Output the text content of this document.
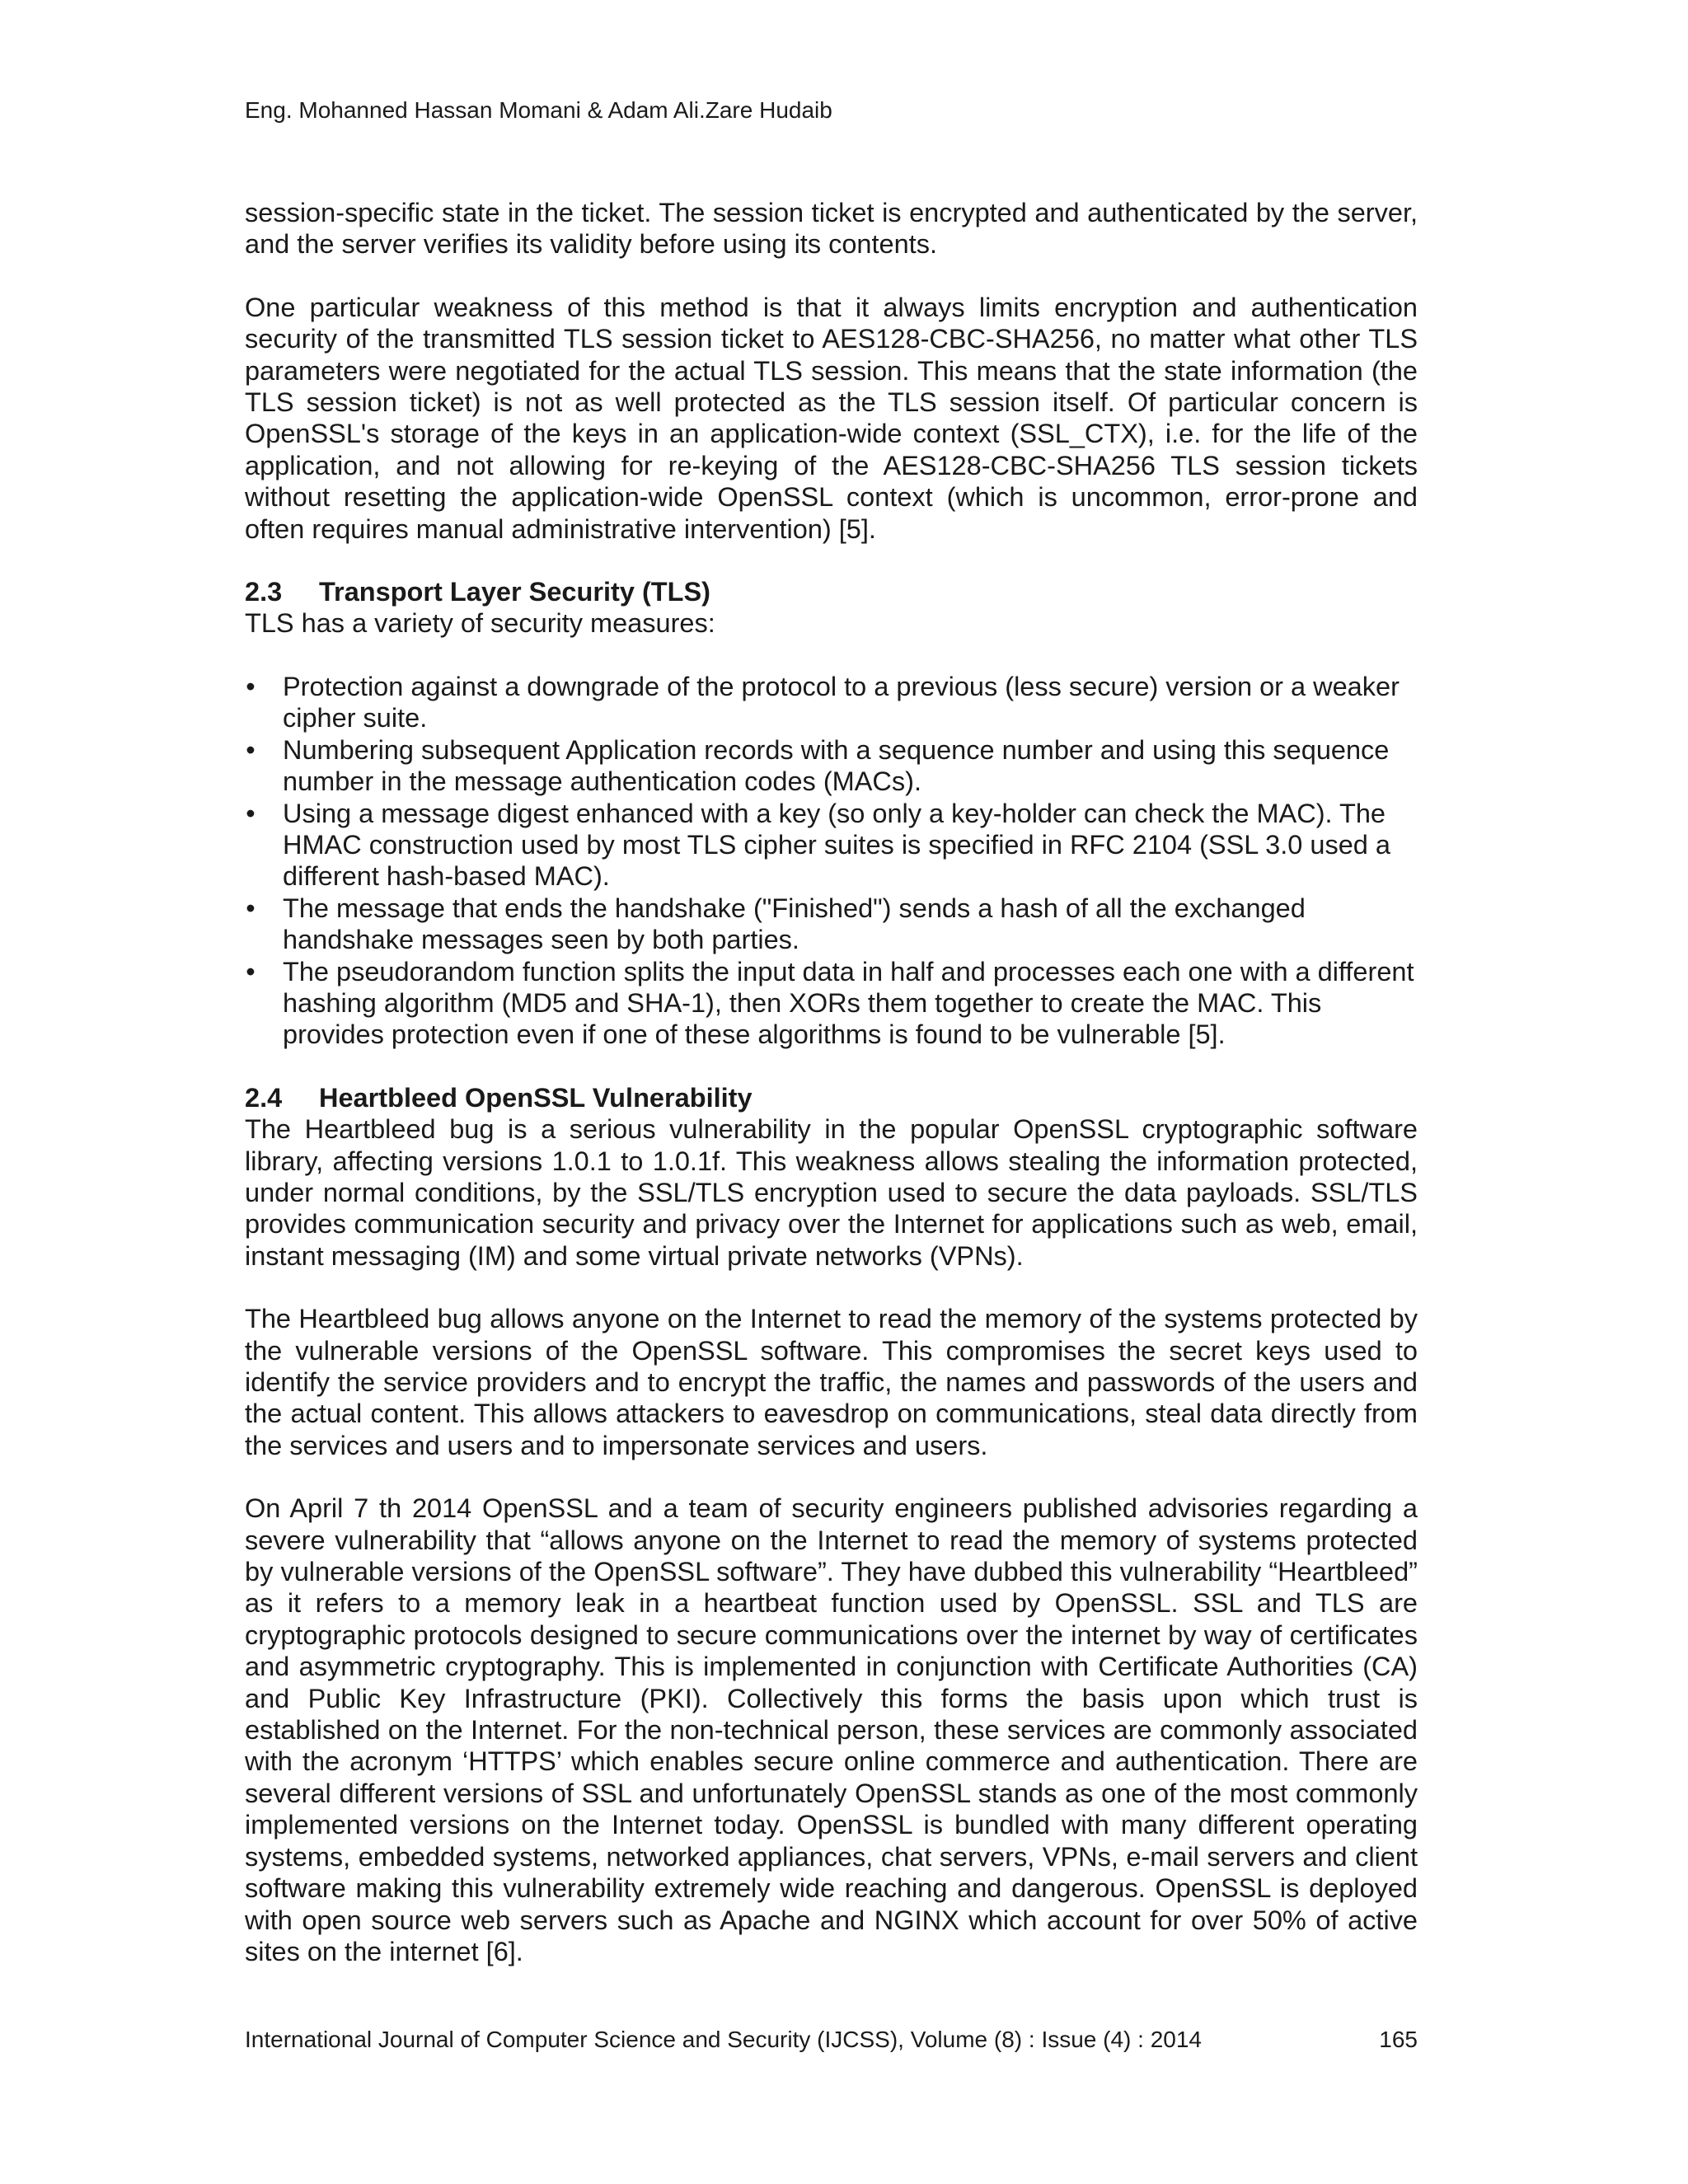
Eng. Mohanned Hassan Momani & Adam Ali.Zare Hudaib

session-specific state in the ticket. The session ticket is encrypted and authenticated by the server, and the server verifies its validity before using its contents.

One particular weakness of this method is that it always limits encryption and authentication security of the transmitted TLS session ticket to AES128-CBC-SHA256, no matter what other TLS parameters were negotiated for the actual TLS session. This means that the state information (the TLS session ticket) is not as well protected as the TLS session itself. Of particular concern is OpenSSL's storage of the keys in an application-wide context (SSL_CTX), i.e. for the life of the application, and not allowing for re-keying of the AES128-CBC-SHA256 TLS session tickets without resetting the application-wide OpenSSL context (which is uncommon, error-prone and often requires manual administrative intervention) [5].

2.3 Transport Layer Security (TLS)

TLS has a variety of security measures:

• Protection against a downgrade of the protocol to a previous (less secure) version or a weaker cipher suite.
• Numbering subsequent Application records with a sequence number and using this sequence number in the message authentication codes (MACs).
• Using a message digest enhanced with a key (so only a key-holder can check the MAC). The HMAC construction used by most TLS cipher suites is specified in RFC 2104 (SSL 3.0 used a different hash-based MAC).
• The message that ends the handshake ("Finished") sends a hash of all the exchanged handshake messages seen by both parties.
• The pseudorandom function splits the input data in half and processes each one with a different hashing algorithm (MD5 and SHA-1), then XORs them together to create the MAC. This provides protection even if one of these algorithms is found to be vulnerable [5].
2.4 Heartbleed OpenSSL Vulnerability

The Heartbleed bug is a serious vulnerability in the popular OpenSSL cryptographic software library, affecting versions 1.0.1 to 1.0.1f. This weakness allows stealing the information protected, under normal conditions, by the SSL/TLS encryption used to secure the data payloads. SSL/TLS provides communication security and privacy over the Internet for applications such as web, email, instant messaging (IM) and some virtual private networks (VPNs).

The Heartbleed bug allows anyone on the Internet to read the memory of the systems protected by the vulnerable versions of the OpenSSL software. This compromises the secret keys used to identify the service providers and to encrypt the traffic, the names and passwords of the users and the actual content. This allows attackers to eavesdrop on communications, steal data directly from the services and users and to impersonate services and users.

On April 7 th 2014 OpenSSL and a team of security engineers published advisories regarding a severe vulnerability that “allows anyone on the Internet to read the memory of systems protected by vulnerable versions of the OpenSSL software”. They have dubbed this vulnerability “Heartbleed” as it refers to a memory leak in a heartbeat function used by OpenSSL. SSL and TLS are cryptographic protocols designed to secure communications over the internet by way of certificates and asymmetric cryptography. This is implemented in conjunction with Certificate Authorities (CA) and Public Key Infrastructure (PKI). Collectively this forms the basis upon which trust is established on the Internet. For the non-technical person, these services are commonly associated with the acronym ‘HTTPS’ which enables secure online commerce and authentication. There are several different versions of SSL and unfortunately OpenSSL stands as one of the most commonly implemented versions on the Internet today. OpenSSL is bundled with many different operating systems, embedded systems, networked appliances, chat servers, VPNs, e-mail servers and client software making this vulnerability extremely wide reaching and dangerous. OpenSSL is deployed with open source web servers such as Apache and NGINX which account for over 50% of active sites on the internet [6].

International Journal of Computer Science and Security (IJCSS), Volume (8) : Issue (4) : 2014	165
